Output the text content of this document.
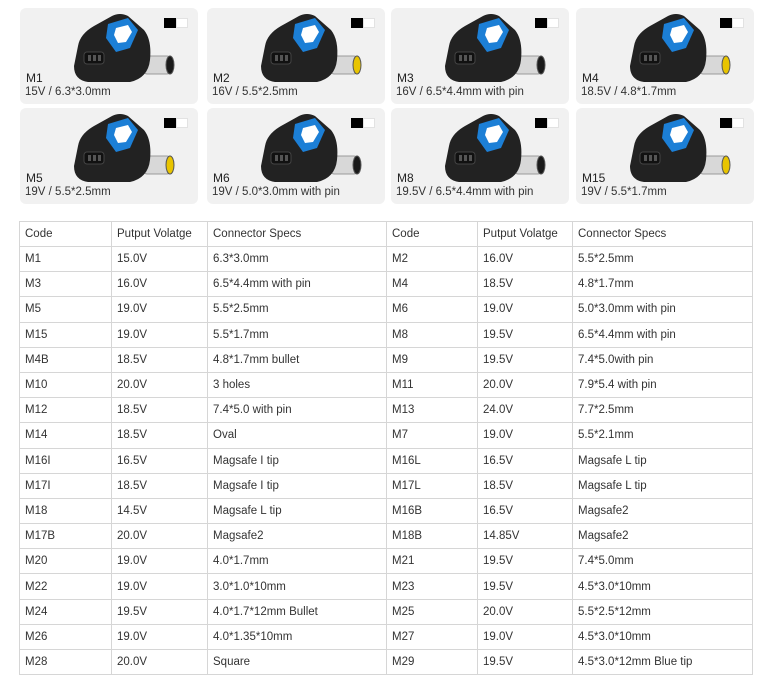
M1
15V / 6.3*3.0mm
M2
16V / 5.5*2.5mm
M3
16V / 6.5*4.4mm with pin
M4
18.5V / 4.8*1.7mm
M5
19V / 5.5*2.5mm
M6
19V / 5.0*3.0mm with pin
M8
19.5V / 6.5*4.4mm with pin
M15
19V / 5.5*1.7mm
Code	Putput Volatge	Connector Specs	Code	Putput Volatge	Connector Specs
M1	15.0V	6.3*3.0mm	M2	16.0V	5.5*2.5mm
M3	16.0V	6.5*4.4mm with pin	M4	18.5V	4.8*1.7mm
M5	19.0V	5.5*2.5mm	M6	19.0V	5.0*3.0mm with pin
M15	19.0V	5.5*1.7mm	M8	19.5V	6.5*4.4mm with pin
M4B	18.5V	4.8*1.7mm bullet	M9	19.5V	7.4*5.0with pin
M10	20.0V	3 holes	M11	20.0V	7.9*5.4 with pin
M12	18.5V	7.4*5.0 with pin	M13	24.0V	7.7*2.5mm
M14	18.5V	Oval	M7	19.0V	5.5*2.1mm
M16I	16.5V	Magsafe I tip	M16L	16.5V	Magsafe L tip
M17I	18.5V	Magsafe I tip	M17L	18.5V	Magsafe L tip
M18	14.5V	Magsafe L tip	M16B	16.5V	Magsafe2
M17B	20.0V	Magsafe2	M18B	14.85V	Magsafe2
M20	19.0V	4.0*1.7mm	M21	19.5V	7.4*5.0mm
M22	19.0V	3.0*1.0*10mm	M23	19.5V	4.5*3.0*10mm
M24	19.5V	4.0*1.7*12mm Bullet	M25	20.0V	5.5*2.5*12mm
M26	19.0V	4.0*1.35*10mm	M27	19.0V	4.5*3.0*10mm
M28	20.0V	Square	M29	19.5V	4.5*3.0*12mm Blue tip
